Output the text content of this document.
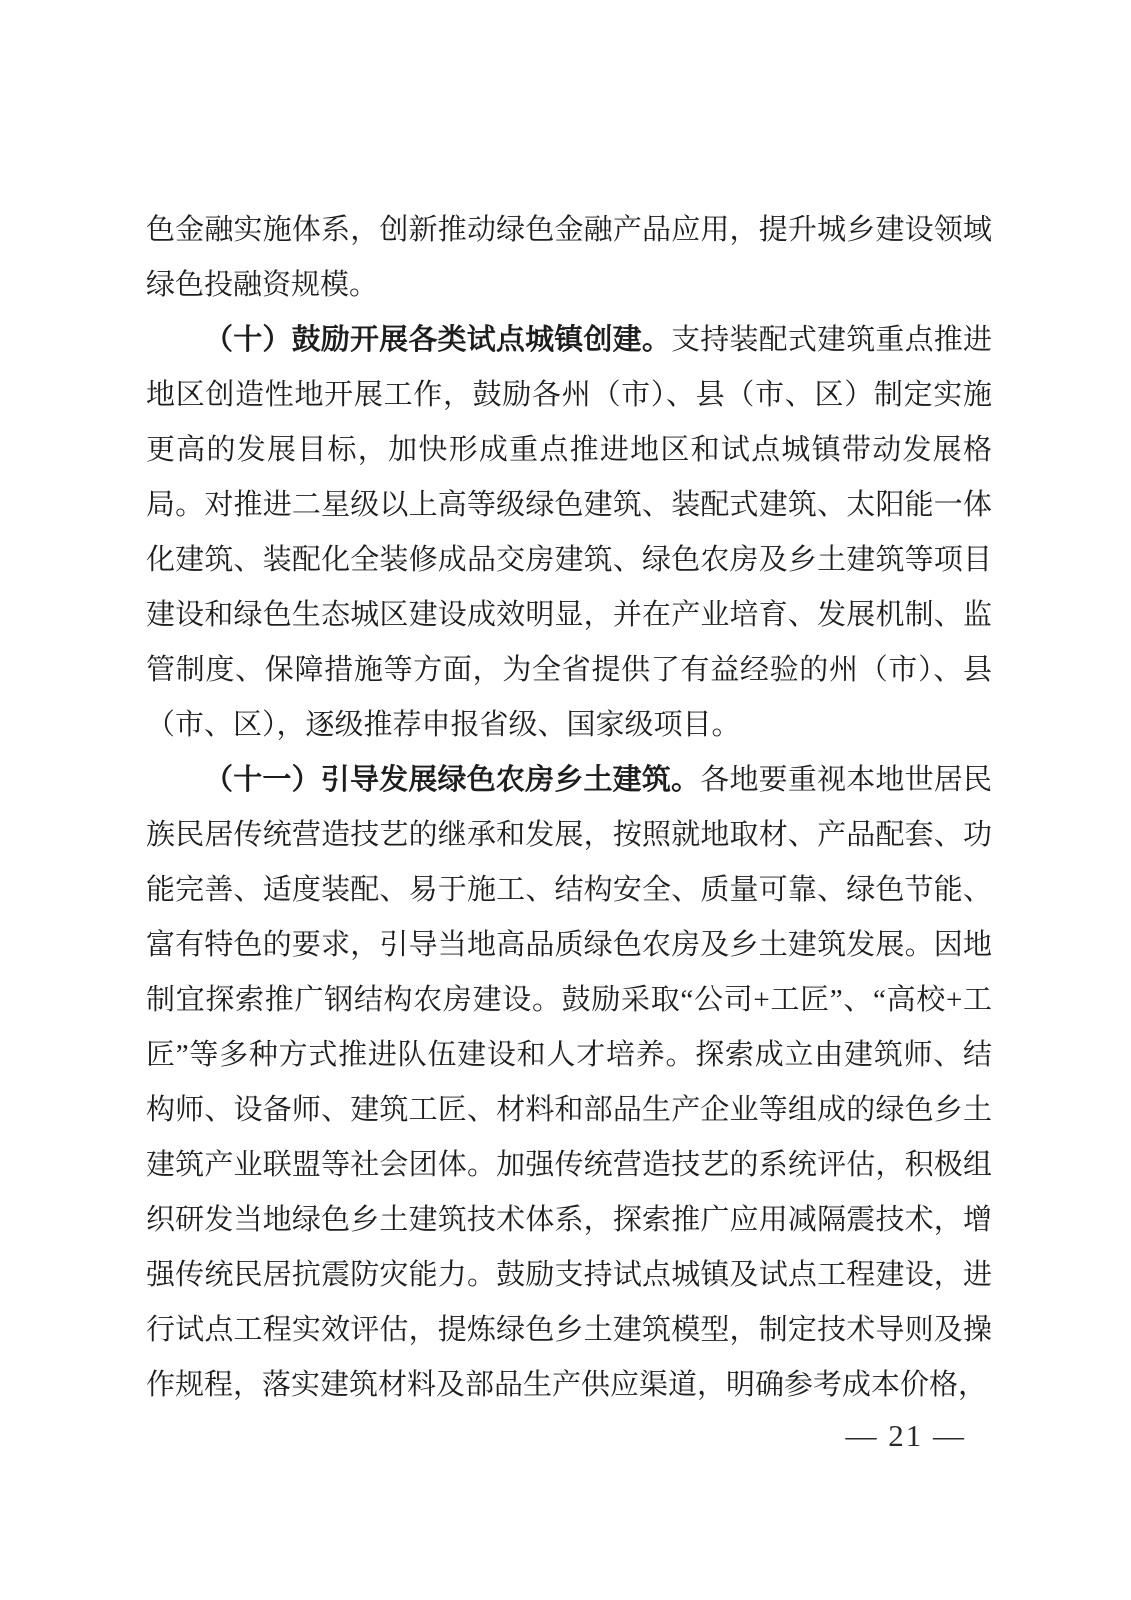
色金融实施体系，创新推动绿色金融产品应用，提升城乡建设领域绿色投融资规模。

（十）鼓励开展各类试点城镇创建。支持装配式建筑重点推进地区创造性地开展工作，鼓励各州（市）、县（市、区）制定实施更高的发展目标，加快形成重点推进地区和试点城镇带动发展格局。对推进二星级以上高等级绿色建筑、装配式建筑、太阳能一体化建筑、装配化全装修成品交房建筑、绿色农房及乡土建筑等项目建设和绿色生态城区建设成效明显，并在产业培育、发展机制、监管制度、保障措施等方面，为全省提供了有益经验的州（市）、县（市、区），逐级推荐申报省级、国家级项目。

（十一）引导发展绿色农房乡土建筑。各地要重视本地世居民族民居传统营造技艺的继承和发展，按照就地取材、产品配套、功能完善、适度装配、易于施工、结构安全、质量可靠、绿色节能、富有特色的要求，引导当地高品质绿色农房及乡土建筑发展。因地制宜探索推广钢结构农房建设。鼓励采取“公司+工匠”、“高校+工匠”等多种方式推进队伍建设和人才培养。探索成立由建筑师、结构师、设备师、建筑工匠、材料和部品生产企业等组成的绿色乡土建筑产业联盟等社会团体。加强传统营造技艺的系统评估，积极组织研发当地绿色乡土建筑技术体系，探索推广应用减隔震技术，增强传统民居抗震防灾能力。鼓励支持试点城镇及试点工程建设，进行试点工程实效评估，提炼绿色乡土建筑模型，制定技术导则及操作规程，落实建筑材料及部品生产供应渠道，明确参考成本价格，

— 21 —
